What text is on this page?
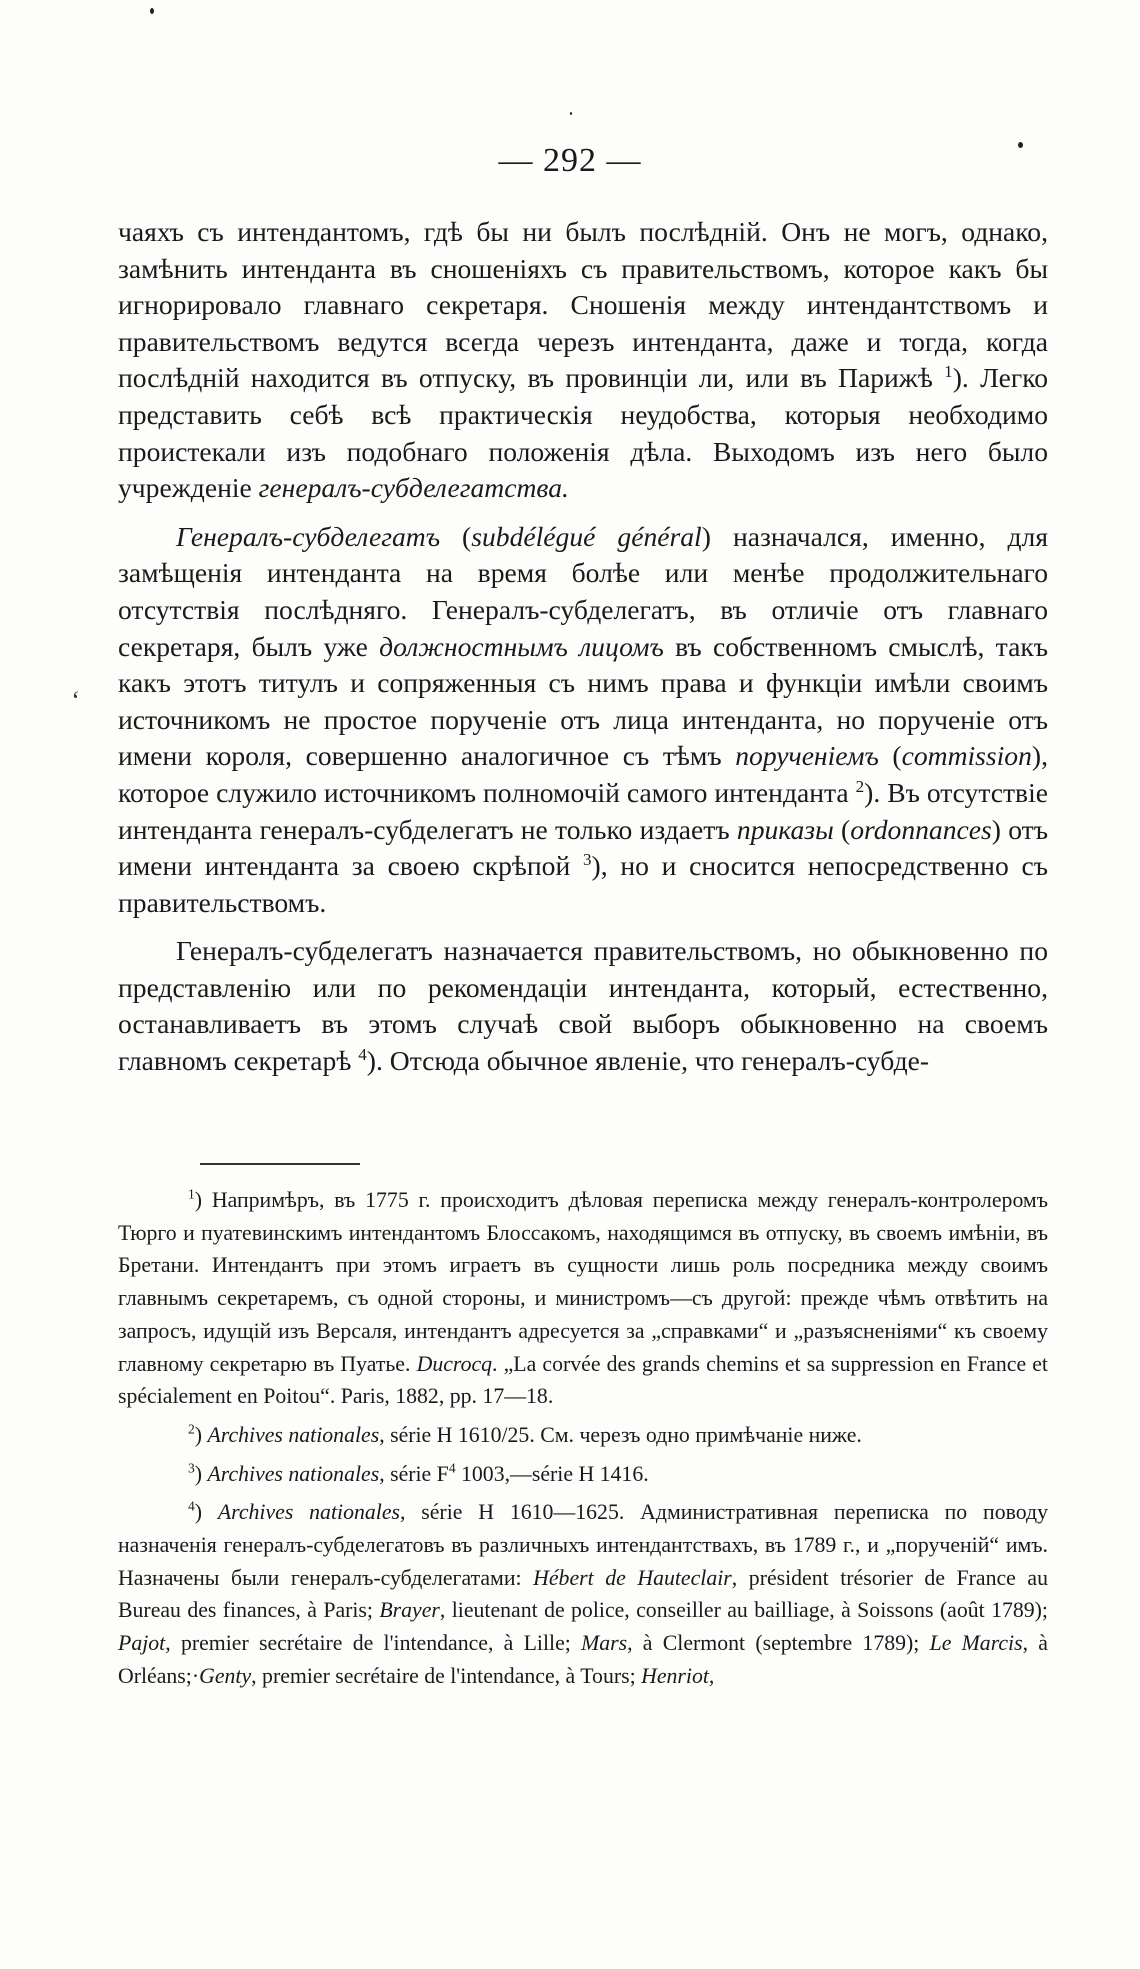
— 292 —
ʻ

чаяхъ съ интендантомъ, гдѣ бы ни былъ послѣдній. Онъ не могъ, однако, замѣнить интенданта въ сношеніяхъ съ правительствомъ, которое какъ бы игнорировало главнаго секретаря. Сношенія между интендантствомъ и правительствомъ ведутся всегда черезъ интенданта, даже и тогда, когда послѣдній находится въ отпуску, въ провинціи ли, или въ Парижѣ $^1$). Легко представить себѣ всѣ практическія неудобства, которыя необходимо проистекали изъ подобнаго положенія дѣла. Выходомъ изъ него было учрежденіе генералъ-субделегатства.

Генералъ-субделегатъ (subdélégué général) назначался, именно, для замѣщенія интенданта на время болѣе или менѣе продолжительнаго отсутствія послѣдняго. Генералъ-субделегатъ, въ отличіе отъ главнаго секретаря, былъ уже должностнымъ лицомъ въ собственномъ смыслѣ, такъ какъ этотъ титулъ и сопряженныя съ нимъ права и функціи имѣли своимъ источникомъ не простое порученіе отъ лица интенданта, но порученіе отъ имени короля, совершенно аналогичное съ тѣмъ порученіемъ (commission), которое служило источникомъ полномочій самого интенданта $^2$). Въ отсутствіе интенданта генералъ-субделегатъ не только издаетъ приказы (ordonnances) отъ имени интенданта за своею скрѣпой $^3$), но и сносится непосредственно съ правительствомъ.

Генералъ-субделегатъ назначается правительствомъ, но обыкновенно по представленію или по рекомендаціи интенданта, который, естественно, останавливаетъ въ этомъ случаѣ свой выборъ обыкновенно на своемъ главномъ секретарѣ $^4$). Отсюда обычное явленіе, что генералъ-субде-

$^1$) Напримѣръ, въ 1775 г. происходитъ дѣловая переписка между генералъ-контролеромъ Тюрго и пуатевинскимъ интендантомъ Блоссакомъ, находящимся въ отпуску, въ своемъ имѣніи, въ Бретани. Интендантъ при этомъ играетъ въ сущности лишь роль посредника между своимъ главнымъ секретаремъ, съ одной стороны, и министромъ—съ другой: прежде чѣмъ отвѣтить на запросъ, идущій изъ Версаля, интендантъ адресуется за „справками“ и „разъясненіями“ къ своему главному секретарю въ Пуатье. Ducrocq. „La corvée des grands chemins et sa suppression en France et spécialement en Poitou“. Paris, 1882, pp. 17—18.

$^2$) Archives nationales, série H 1610/25. См. черезъ одно примѣчаніе ниже.

$^3$) Archives nationales, série $F^4$ 1003,—série H 1416.

$^4$) Archives nationales, série H 1610—1625. Административная переписка по поводу назначенія генералъ-субделегатовъ въ различныхъ интендантствахъ, въ 1789 г., и „порученій“ имъ. Назначены были генералъ-субделегатами: Hébert de Hauteclair, président trésorier de France au Bureau des finances, à Paris; Brayer, lieutenant de police, conseiller au bailliage, à Soissons (août 1789); Pajot, premier secrétaire de l'intendance, à Lille; Mars, à Clermont (septembre 1789); Le Marcis, à Orléans;·Genty, premier secrétaire de l'intendance, à Tours; Henriot,
